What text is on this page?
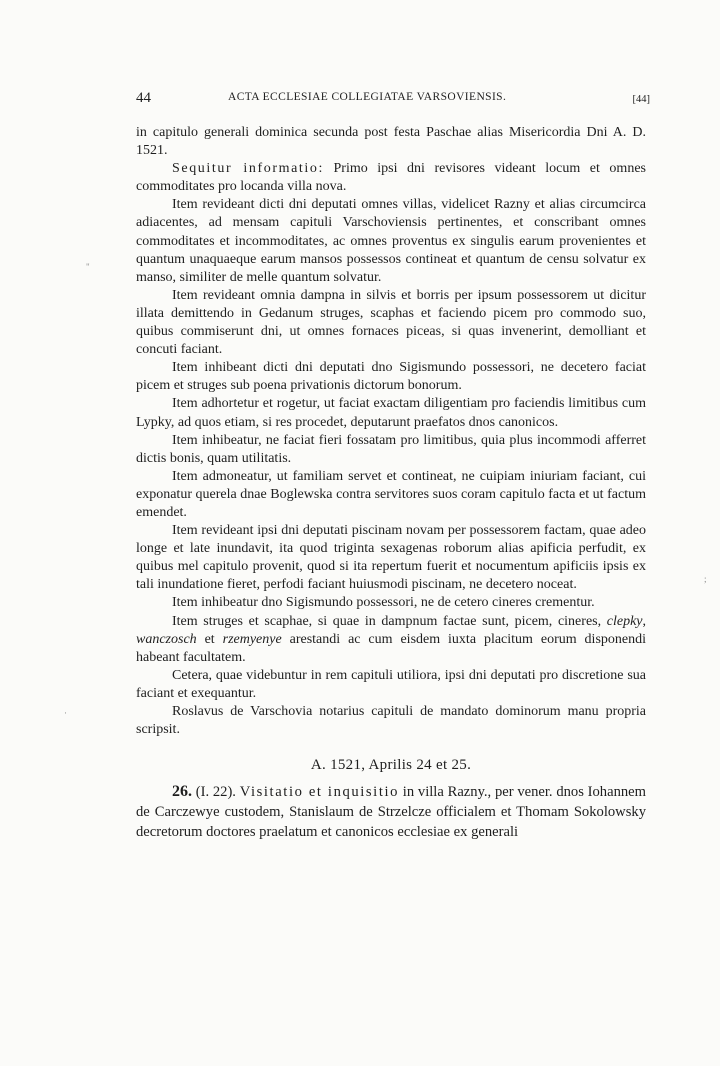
44	ACTA ECCLESIAE COLLEGIATAE VARSOVIENSIS.	[44]
"
·
;

in capitulo generali dominica secunda post festa Paschae alias Misericordia Dni A. D. 1521.

Sequitur informatio: Primo ipsi dni revisores videant locum et omnes commoditates pro locanda villa nova.

Item revideant dicti dni deputati omnes villas, videlicet Razny et alias circumcirca adiacentes, ad mensam capituli Varschoviensis pertinentes, et conscribant omnes commoditates et incommoditates, ac omnes proventus ex singulis earum provenientes et quantum unaquaeque earum mansos possessos contineat et quantum de censu solvatur ex manso, similiter de melle quantum solvatur.

Item revideant omnia dampna in silvis et borris per ipsum possessorem ut dicitur illata demittendo in Gedanum struges, scaphas et faciendo picem pro commodo suo, quibus commiserunt dni, ut omnes fornaces piceas, si quas invenerint, demolliant et concuti faciant.

Item inhibeant dicti dni deputati dno Sigismundo possessori, ne decetero faciat picem et struges sub poena privationis dictorum bonorum.

Item adhortetur et rogetur, ut faciat exactam diligentiam pro faciendis limitibus cum Lypky, ad quos etiam, si res procedet, deputarunt praefatos dnos canonicos.

Item inhibeatur, ne faciat fieri fossatam pro limitibus, quia plus incommodi afferret dictis bonis, quam utilitatis.

Item admoneatur, ut familiam servet et contineat, ne cuipiam iniuriam faciant, cui exponatur querela dnae Boglewska contra servitores suos coram capitulo facta et ut factum emendet.

Item revideant ipsi dni deputati piscinam novam per possessorem factam, quae adeo longe et late inundavit, ita quod triginta sexagenas roborum alias apificia perfudit, ex quibus mel capitulo provenit, quod si ita repertum fuerit et nocumentum apificiis ipsis ex tali inundatione fieret, perfodi faciant huiusmodi piscinam, ne decetero noceat.

Item inhibeatur dno Sigismundo possessori, ne de cetero cineres crementur.

Item struges et scaphae, si quae in dampnum factae sunt, picem, cineres, clepky, wanczosch et rzemyenye arestandi ac cum eisdem iuxta placitum eorum disponendi habeant facultatem.

Cetera, quae videbuntur in rem capituli utiliora, ipsi dni deputati pro discretione sua faciant et exequantur.

Roslavus de Varschovia notarius capituli de mandato dominorum manu propria scripsit.

A. 1521, Aprilis 24 et 25.

26. (I. 22). Visitatio et inquisitio in villa Razny., per vener. dnos Iohannem de Carczewye custodem, Stanislaum de Strzelcze officialem et Thomam Sokolowsky decretorum doctores praelatum et canonicos ecclesiae ex generali
